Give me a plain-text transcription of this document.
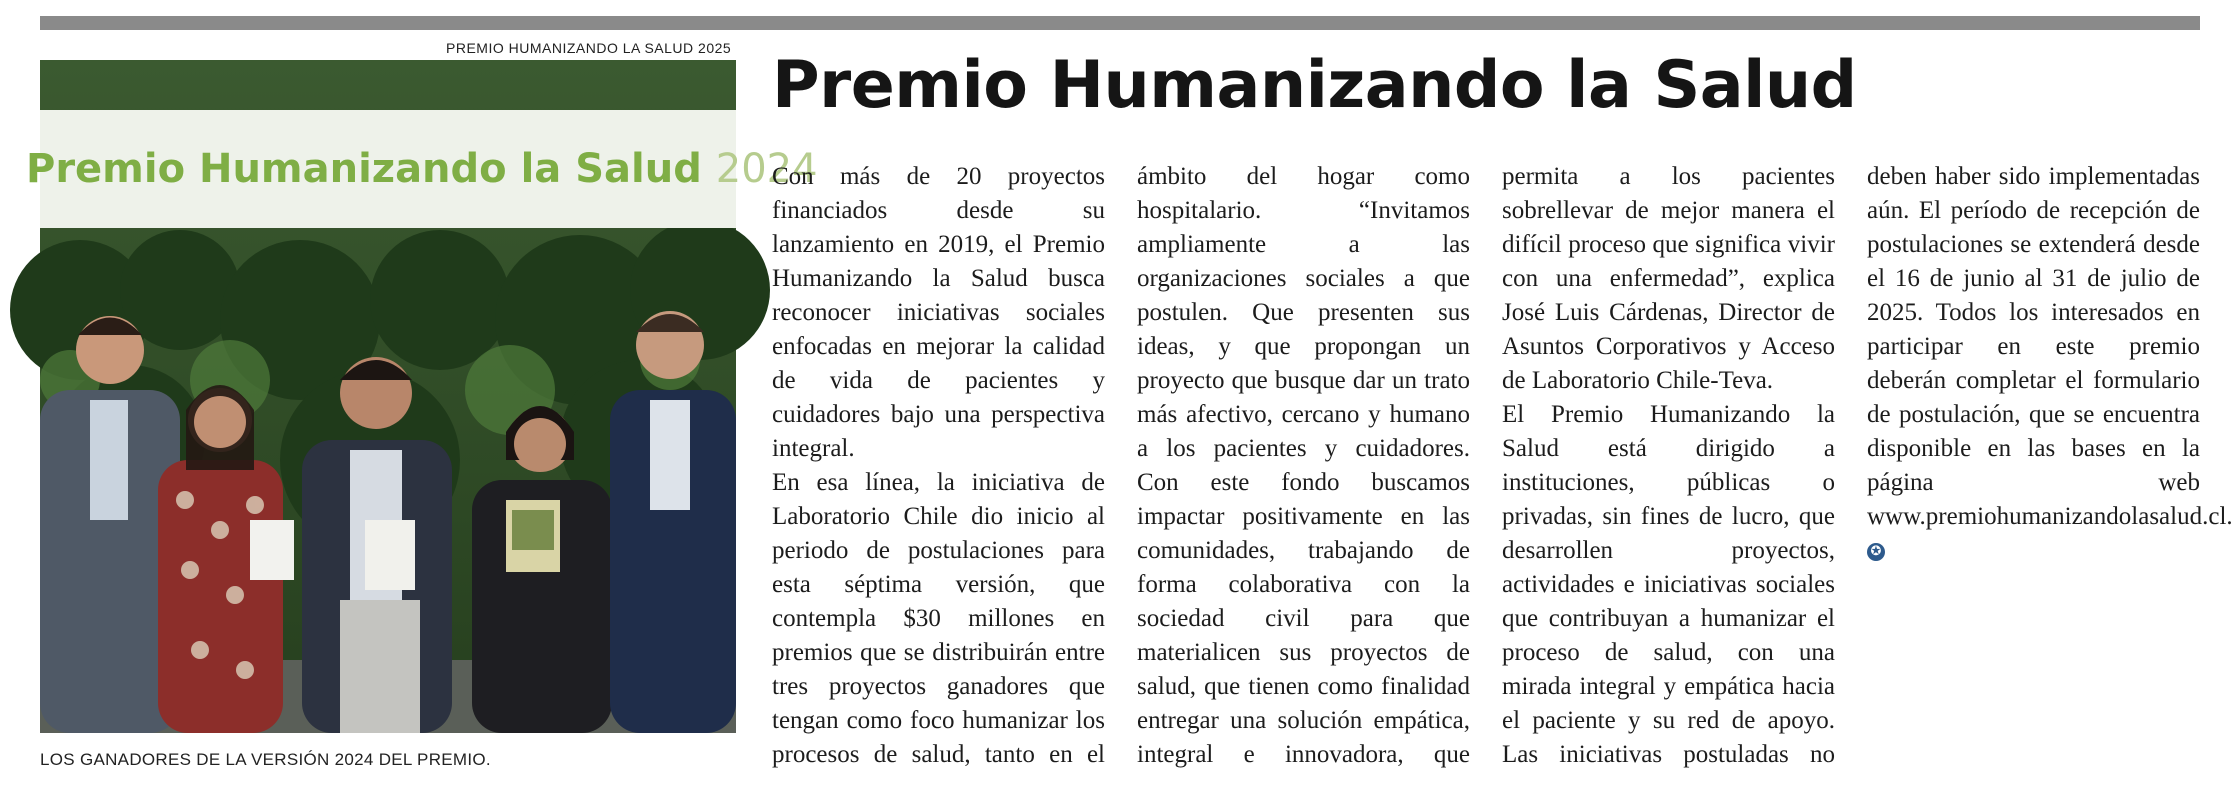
PREMIO HUMANIZANDO LA SALUD 2025
Premio Humanizando la Salud 2024
LOS GANADORES DE LA VERSIÓN 2024 DEL PREMIO.
Premio Humanizando la Salud

Con más de 20 proyectos financiados desde su lanzamiento en 2019, el Premio Humanizando la Salud busca reconocer iniciativas sociales enfocadas en mejorar la calidad de vida de pacientes y cuidadores bajo una perspectiva integral.

En esa línea, la iniciativa de Laboratorio Chile dio inicio al periodo de postulaciones para esta séptima versión, que contempla $30 millones en premios que se distribuirán entre tres proyectos ganadores que tengan como foco humanizar los procesos de salud, tanto en el ámbito del hogar como hospitalario. “Invitamos ampliamente a las organizaciones sociales a que postulen. Que presenten sus ideas, y que propongan un proyecto que busque dar un trato más afectivo, cercano y humano a los pacientes y cuidadores. Con este fondo buscamos impactar positivamente en las comunidades, trabajando de forma colaborativa con la sociedad civil para que materialicen sus proyectos de salud, que tienen como finalidad entregar una solución empática, integral e innovadora, que permita a los pacientes sobrellevar de mejor manera el difícil proceso que significa vivir con una enfermedad”, explica José Luis Cárdenas, Director de Asuntos Corporativos y Acceso de Laboratorio Chile-Teva.

El Premio Humanizando la Salud está dirigido a instituciones, públicas o privadas, sin fines de lucro, que desarrollen proyectos, actividades e iniciativas sociales que contribuyan a humanizar el proceso de salud, con una mirada integral y empática hacia el paciente y su red de apoyo. Las iniciativas postuladas no deben haber sido implementadas aún. El período de recepción de postulaciones se extenderá desde el 16 de junio al 31 de julio de 2025. Todos los interesados en participar en este premio deberán completar el formulario de postulación, que se encuentra disponible en las bases en la página web www.premiohumanizandolasalud.cl. ✪
